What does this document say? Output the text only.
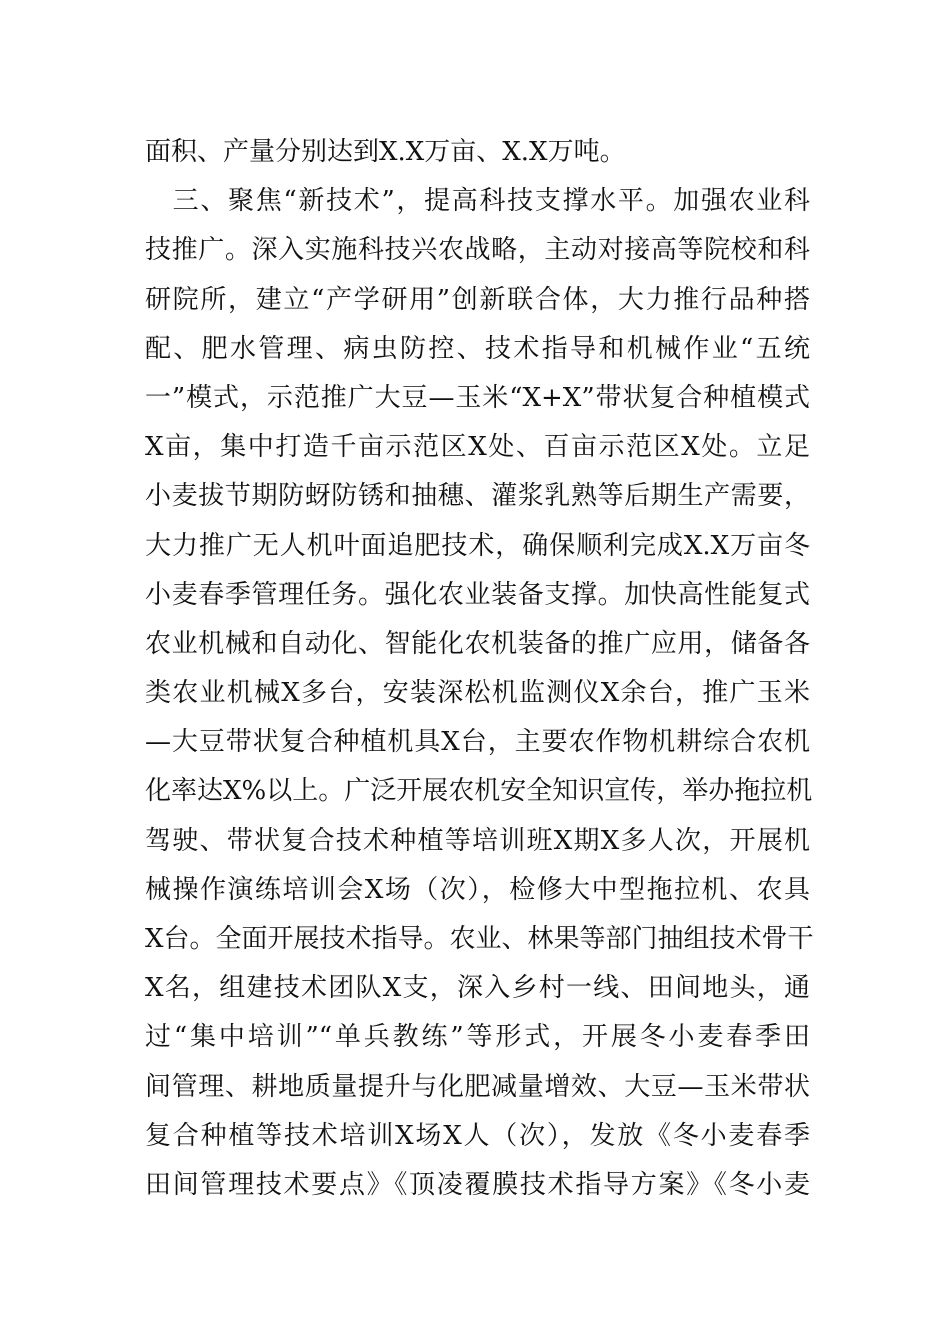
面积、产量分别达到X.X万亩、X.X万吨。
　三、聚焦“新技术”，提高科技支撑水平。加强农业科
技推广。深入实施科技兴农战略，主动对接高等院校和科
研院所，建立“产学研用”创新联合体，大力推行品种搭
配、肥水管理、病虫防控、技术指导和机械作业“五统
一”模式，示范推广大豆—玉米“X+X”带状复合种植模式
X亩，集中打造千亩示范区X处、百亩示范区X处。立足
小麦拔节期防蚜防锈和抽穗、灌浆乳熟等后期生产需要，
大力推广无人机叶面追肥技术，确保顺利完成X.X万亩冬
小麦春季管理任务。强化农业装备支撑。加快高性能复式
农业机械和自动化、智能化农机装备的推广应用，储备各
类农业机械X多台，安装深松机监测仪X余台，推广玉米
—大豆带状复合种植机具X台，主要农作物机耕综合农机
化率达X%以上。广泛开展农机安全知识宣传，举办拖拉机
驾驶、带状复合技术种植等培训班X期X多人次，开展机
械操作演练培训会X场（次），检修大中型拖拉机、农具
X台。全面开展技术指导。农业、林果等部门抽组技术骨干
X名，组建技术团队X支，深入乡村一线、田间地头，通
过“集中培训”“单兵教练”等形式，开展冬小麦春季田
间管理、耕地质量提升与化肥减量增效、大豆—玉米带状
复合种植等技术培训X场X人（次），发放《冬小麦春季
田间管理技术要点》《顶凌覆膜技术指导方案》《冬小麦
